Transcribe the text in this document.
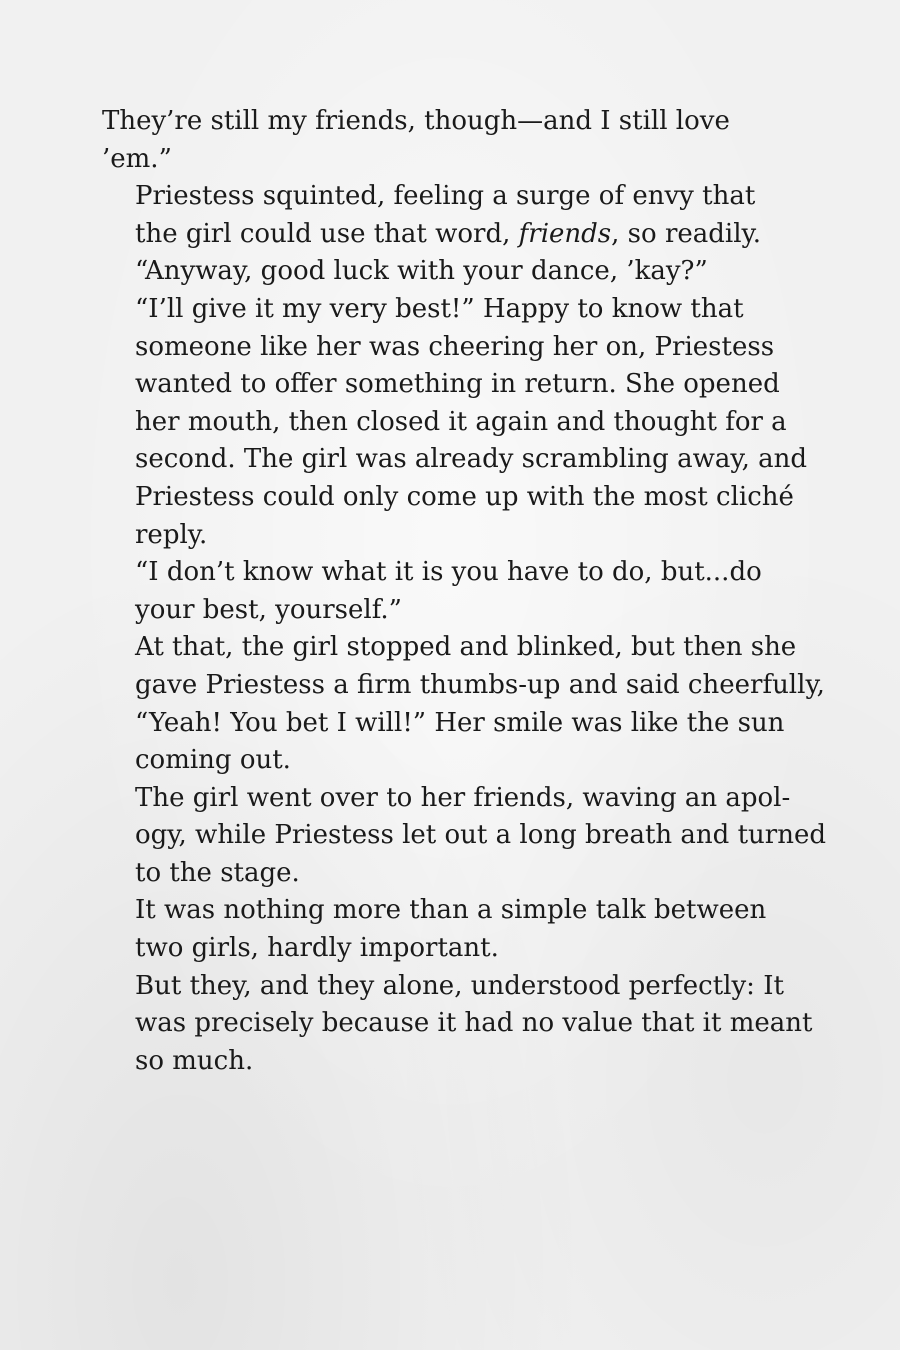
They’re still my friends, though—and I still love
’em.”

Priestess squinted, feeling a surge of envy that
the girl could use that word, friends, so readily.

“Anyway, good luck with your dance, ’kay?”

“I’ll give it my very best!” Happy to know that
someone like her was cheering her on, Priestess
wanted to offer something in return. She opened
her mouth, then closed it again and thought for a
second. The girl was already scrambling away, and
Priestess could only come up with the most cliché
reply.

“I don’t know what it is you have to do, but...do
your best, yourself.”

At that, the girl stopped and blinked, but then she
gave Priestess a firm thumbs-up and said cheerfully,
“Yeah! You bet I will!” Her smile was like the sun
coming out.

The girl went over to her friends, waving an apol-
ogy, while Priestess let out a long breath and turned
to the stage.

It was nothing more than a simple talk between
two girls, hardly important.

But they, and they alone, understood perfectly: It
was precisely because it had no value that it meant
so much.
